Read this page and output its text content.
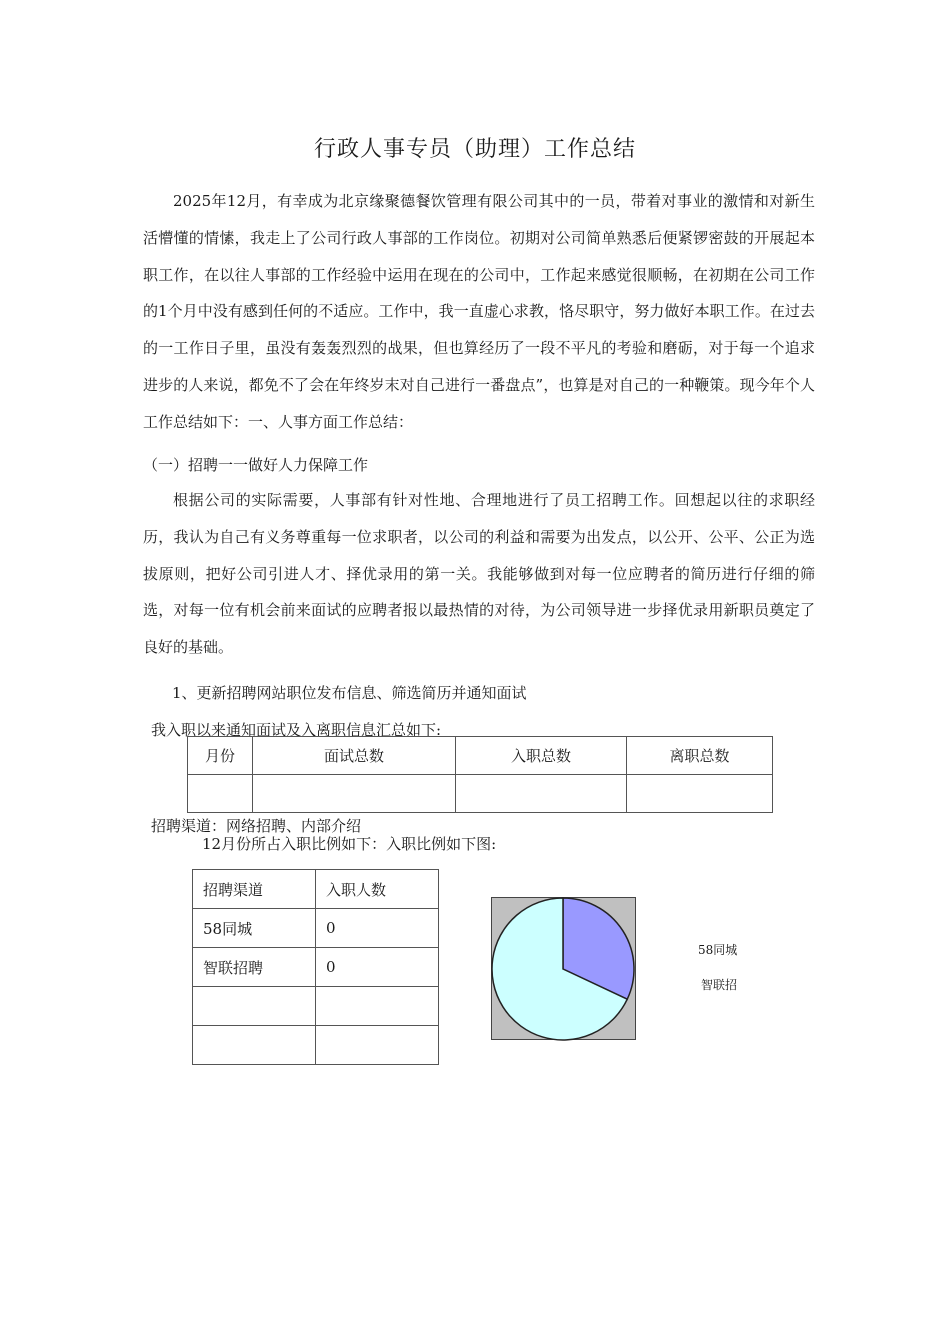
行政人事专员（助理）工作总结

2025年12月，有幸成为北京缘聚德餐饮管理有限公司其中的一员，带着对事业的激情和对新生活懵懂的情愫，我走上了公司行政人事部的工作岗位。初期对公司简单熟悉后便紧锣密鼓的开展起本职工作，在以往人事部的工作经验中运用在现在的公司中，工作起来感觉很顺畅，在初期在公司工作的1个月中没有感到任何的不适应。工作中，我一直虚心求教，恪尽职守，努力做好本职工作。在过去的一工作日子里，虽没有轰轰烈烈的战果，但也算经历了一段不平凡的考验和磨砺，对于每一个追求进步的人来说，都免不了会在年终岁末对自己进行一番盘点”，也算是对自己的一种鞭策。现今年个人工作总结如下：一、人事方面工作总结：

（一）招聘一一做好人力保障工作

根据公司的实际需要，人事部有针对性地、合理地进行了员工招聘工作。回想起以往的求职经历，我认为自己有义务尊重每一位求职者，以公司的利益和需要为出发点，以公开、公平、公正为选拔原则，把好公司引进人才、择优录用的第一关。我能够做到对每一位应聘者的简历进行仔细的筛选，对每一位有机会前来面试的应聘者报以最热情的对待，为公司领导进一步择优录用新职员奠定了良好的基础。

1、更新招聘网站职位发布信息、筛选简历并通知面试
我入职以来通知面试及入离职信息汇总如下:
月份	面试总数	入职总数	离职总数

招聘渠道：网络招聘、内部介绍
12月份所占入职比例如下：入职比例如下图:
招聘渠道	入职人数
58同城	0
智联招聘	0

58同城
智联招
